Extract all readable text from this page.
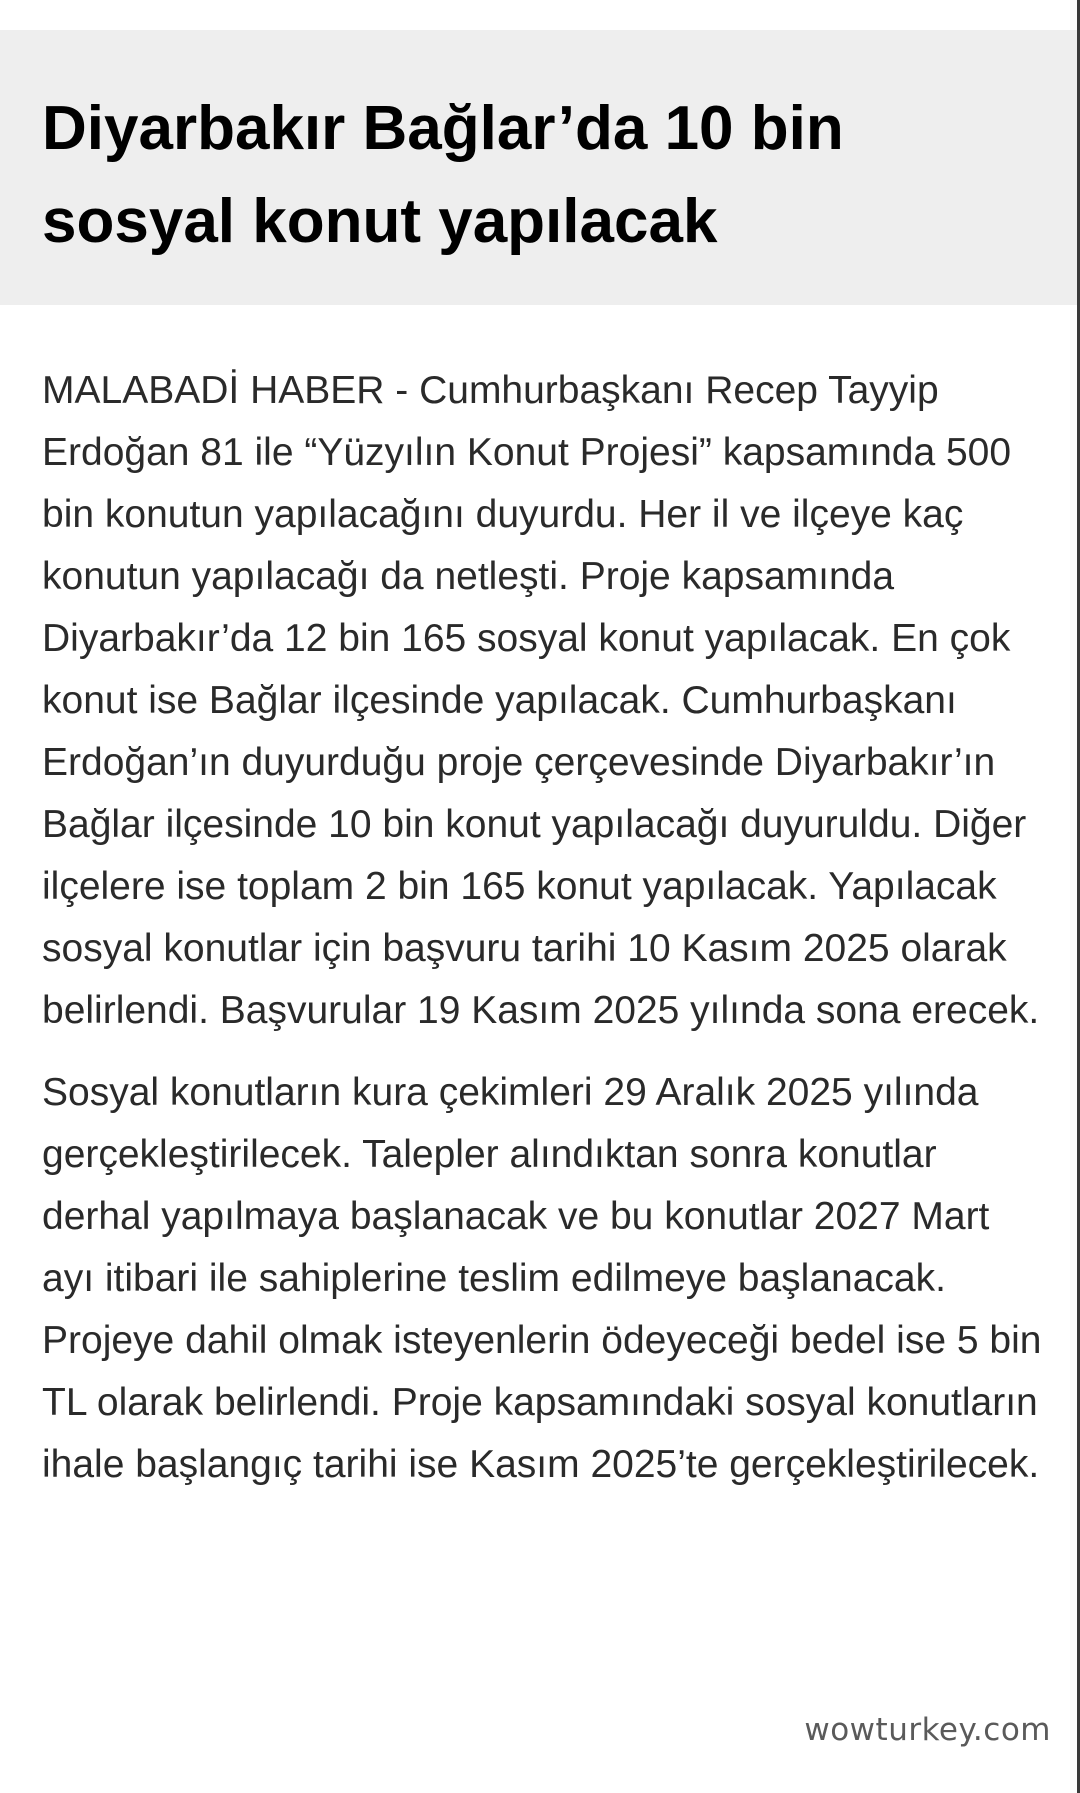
Diyarbakır Bağlar’da 10 bin sosyal konut yapılacak

MALABADİ HABER - Cumhurbaşkanı Recep Tayyip Erdoğan 81 ile “Yüzyılın Konut Projesi” kapsamında 500 bin konutun yapılacağını duyurdu. Her il ve ilçeye kaç konutun yapılacağı da netleşti. Proje kapsamında Diyarbakır’da 12 bin 165 sosyal konut yapılacak. En çok konut ise Bağlar ilçesinde yapılacak. Cumhurbaşkanı Erdoğan’ın duyurduğu proje çerçevesinde Diyarbakır’ın Bağlar ilçesinde 10 bin konut yapılacağı duyuruldu. Diğer ilçelere ise toplam 2 bin 165 konut yapılacak. Yapılacak sosyal konutlar için başvuru tarihi 10 Kasım 2025 olarak belirlendi. Başvurular 19 Kasım 2025 yılında sona erecek.

Sosyal konutların kura çekimleri 29 Aralık 2025 yılında gerçekleştirilecek. Talepler alındıktan sonra konutlar derhal yapılmaya başlanacak ve bu konutlar 2027 Mart ayı itibari ile sahiplerine teslim edilmeye başlanacak. Projeye dahil olmak isteyenlerin ödeyeceği bedel ise 5 bin TL olarak belirlendi. Proje kapsamındaki sosyal konutların ihale başlangıç tarihi ise Kasım 2025’te gerçekleştirilecek.

wowturkey.com
